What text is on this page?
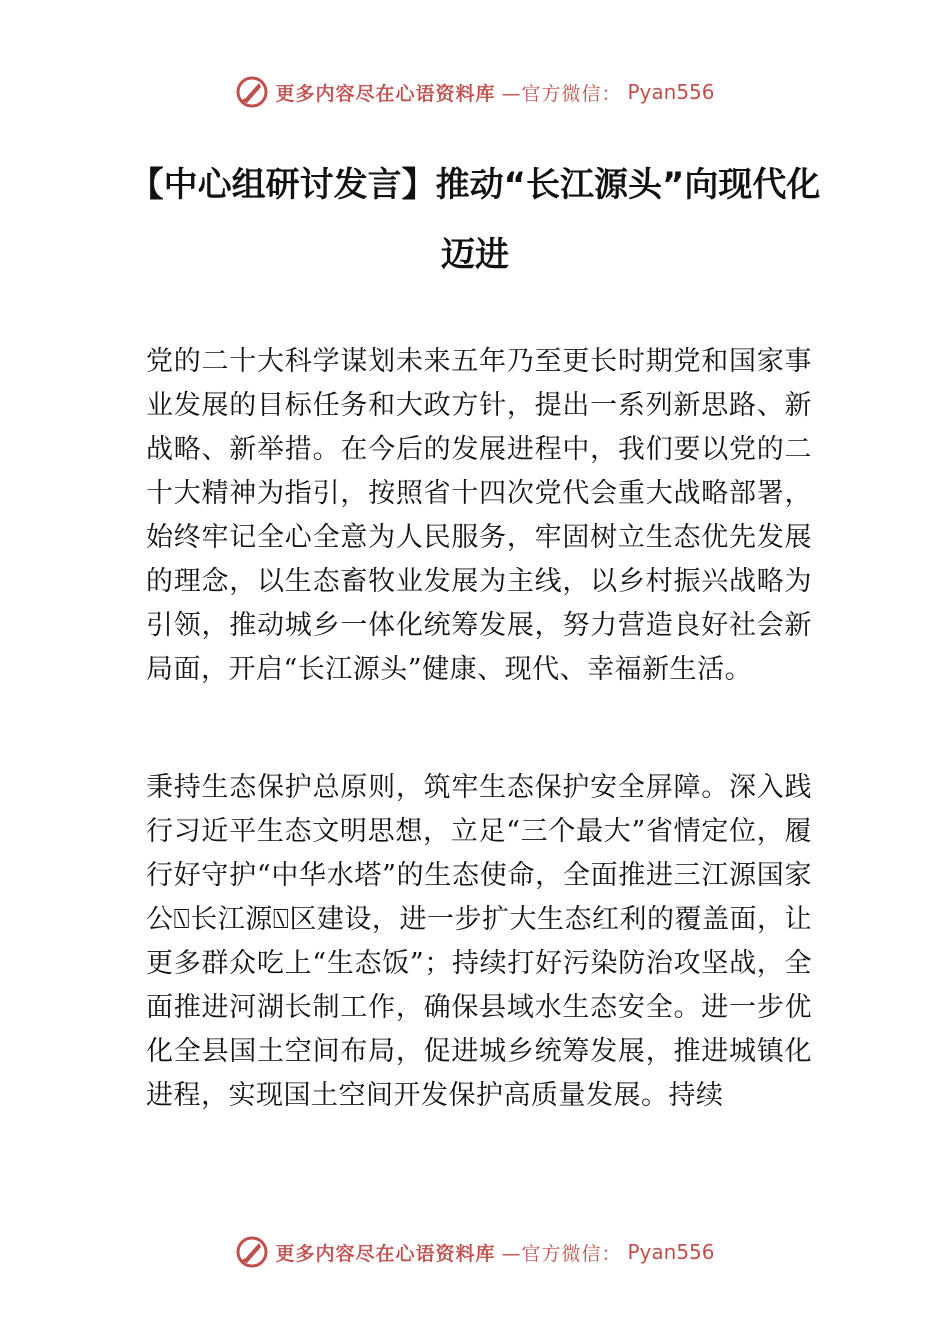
更多内容尽在心语资料库 —官方微信： Pyan556
【中心组研讨发言】推动“长江源头”向现代化迈进
党的二十大科学谋划未来五年乃至更长时期党和国家事业发展的目标任务和大政方针，提出一系列新思路、新战略、新举措。在今后的发展进程中，我们要以党的二十大精神为指引，按照省十四次党代会重大战略部署，始终牢记全心全意为人民服务，牢固树立生态优先发展的理念，以生态畜牧业发展为主线，以乡村振兴战略为引领，推动城乡一体化统筹发展，努力营造良好社会新局面，开启“长江源头”健康、现代、幸福新生活。
秉持生态保护总原则，筑牢生态保护安全屏障。深入践行习近平生态文明思想，立足“三个最大”省情定位，履行好守护“中华水塔”的生态使命，全面推进三江源国家公⍂长江源⍂区建设，进一步扩大生态红利的覆盖面，让更多群众吃上“生态饭”；持续打好污染防治攻坚战，全面推进河湖长制工作，确保县域水生态安全。进一步优化全县国土空间布局，促进城乡统筹发展，推进城镇化进程，实现国土空间开发保护高质量发展。持续
更多内容尽在心语资料库 —官方微信： Pyan556
